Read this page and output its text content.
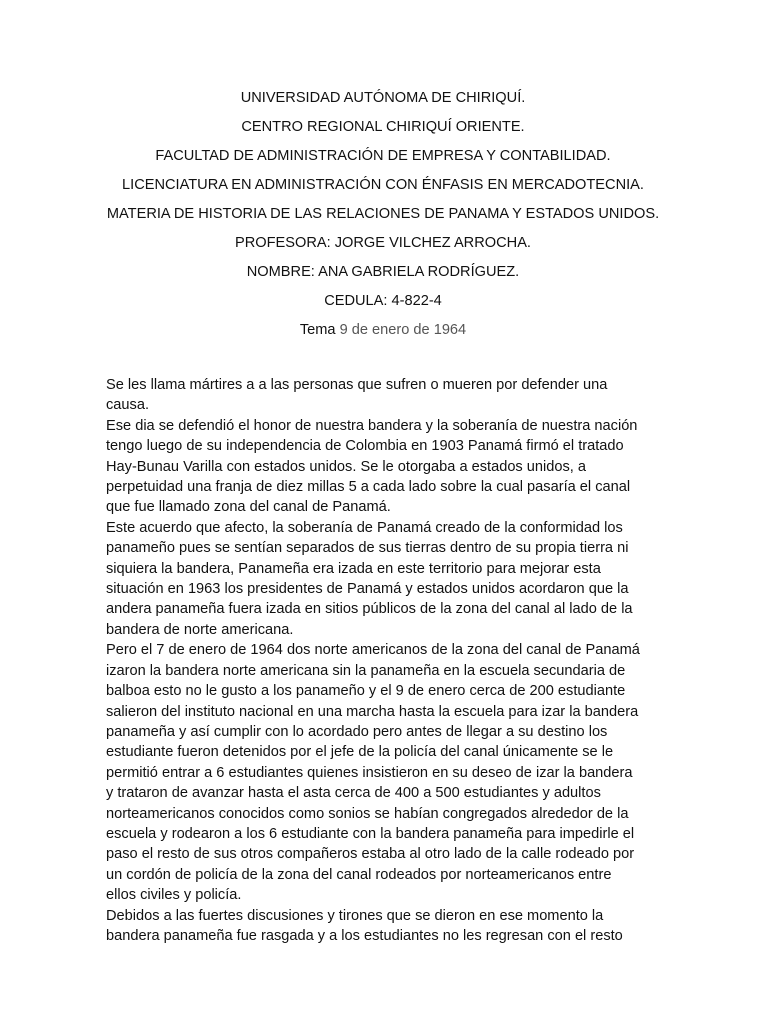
UNIVERSIDAD AUTÓNOMA DE CHIRIQUÍ.

CENTRO REGIONAL CHIRIQUÍ ORIENTE.

FACULTAD DE ADMINISTRACIÓN DE EMPRESA Y CONTABILIDAD.

LICENCIATURA EN ADMINISTRACIÓN CON ÉNFASIS EN MERCADOTECNIA.

MATERIA DE HISTORIA DE LAS RELACIONES DE PANAMA Y ESTADOS UNIDOS.

PROFESORA: JORGE VILCHEZ ARROCHA.

NOMBRE: ANA GABRIELA RODRÍGUEZ.

CEDULA: 4-822-4

Tema 9 de enero de 1964

Se les llama mártires a a las personas que sufren o mueren por defender una
causa.

Ese dia se defendió el honor de nuestra bandera y la soberanía de nuestra nación
tengo luego de su independencia de Colombia en 1903 Panamá firmó el tratado
Hay-Bunau Varilla con estados unidos. Se le otorgaba a estados unidos, a
perpetuidad una franja de diez millas 5 a cada lado sobre la cual pasaría el canal
que fue llamado zona del canal de Panamá.

Este acuerdo que afecto, la soberanía de Panamá creado de la conformidad los
panameño pues se sentían separados de sus tierras dentro de su propia tierra ni
siquiera la bandera, Panameña era izada en este territorio para mejorar esta
situación en 1963 los presidentes de Panamá y estados unidos acordaron que la
andera panameña fuera izada en sitios públicos de la zona del canal al lado de la
bandera de norte americana.

Pero el 7 de enero de 1964 dos norte americanos de la zona del canal de Panamá
izaron la bandera norte americana sin la panameña en la escuela secundaria de
balboa esto no le gusto a los panameño y el 9 de enero cerca de 200 estudiante
salieron del instituto nacional en una marcha hasta la escuela para izar la bandera
panameña y así cumplir con lo acordado pero antes de llegar a su destino los
estudiante fueron detenidos por el jefe de la policía del canal únicamente se le
permitió entrar a 6 estudiantes quienes insistieron en su deseo de izar la bandera
y trataron de avanzar hasta el asta cerca de 400 a 500 estudiantes y adultos
norteamericanos conocidos como sonios se habían congregados alrededor de la
escuela y rodearon a los 6 estudiante con la bandera panameña para impedirle el
paso el resto de sus otros compañeros estaba al otro lado de la calle rodeado por
un cordón de policía de la zona del canal rodeados por norteamericanos entre
ellos civiles y policía.

Debidos a las fuertes discusiones y tirones que se dieron en ese momento la
bandera panameña fue rasgada y a los estudiantes no les regresan con el resto
